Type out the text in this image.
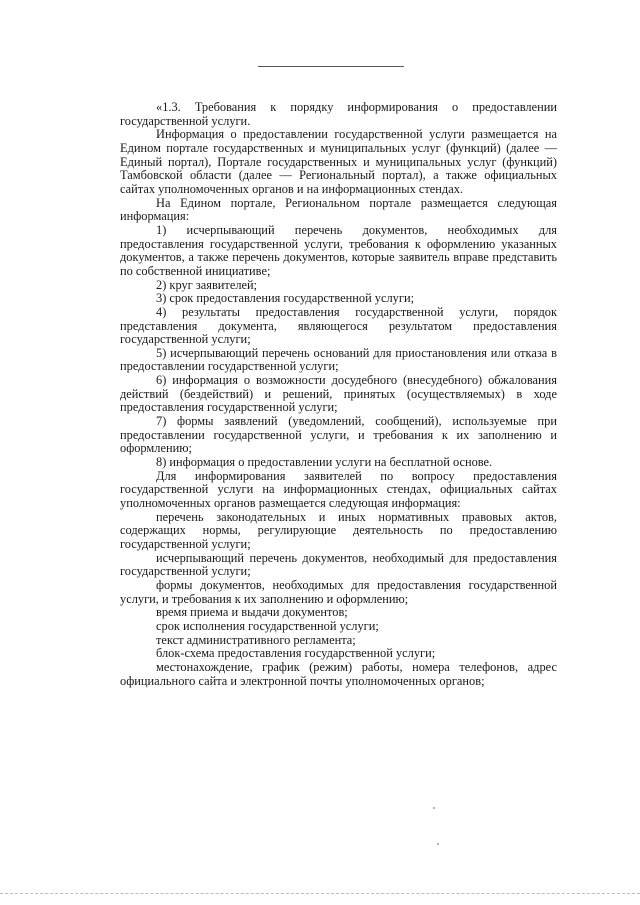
«1.3. Требования к порядку информирования о предоставлении государственной услуги.

Информация о предоставлении государственной услуги размещается на Едином портале государственных и муниципальных услуг (функций) (далее — Единый портал), Портале государственных и муниципальных услуг (функций) Тамбовской области (далее — Региональный портал), а также официальных сайтах уполномоченных органов и на информационных стендах.

На Едином портале, Региональном портале размещается следующая информация:

1) исчерпывающий перечень документов, необходимых для предоставления государственной услуги, требования к оформлению указанных документов, а также перечень документов, которые заявитель вправе представить по собственной инициативе;

2) круг заявителей;

3) срок предоставления государственной услуги;

4) результаты предоставления государственной услуги, порядок представления документа, являющегося результатом предоставления государственной услуги;

5) исчерпывающий перечень оснований для приостановления или отказа в предоставлении государственной услуги;

6) информация о возможности досудебного (внесудебного) обжалования действий (бездействий) и решений, принятых (осуществляемых) в ходе предоставления государственной услуги;

7) формы заявлений (уведомлений, сообщений), используемые при предоставлении государственной услуги, и требования к их заполнению и оформлению;

8) информация о предоставлении услуги на бесплатной основе.

Для информирования заявителей по вопросу предоставления государственной услуги на информационных стендах, официальных сайтах уполномоченных органов размещается следующая информация:

перечень законодательных и иных нормативных правовых актов, содержащих нормы, регулирующие деятельность по предоставлению государственной услуги;

исчерпывающий перечень документов, необходимый для предоставления государственной услуги;

формы документов, необходимых для предоставления государственной услуги, и требования к их заполнению и оформлению;

время приема и выдачи документов;

срок исполнения государственной услуги;

текст административного регламента;

блок-схема предоставления государственной услуги;

местонахождение, график (режим) работы, номера телефонов, адрес официального сайта и электронной почты уполномоченных органов;
